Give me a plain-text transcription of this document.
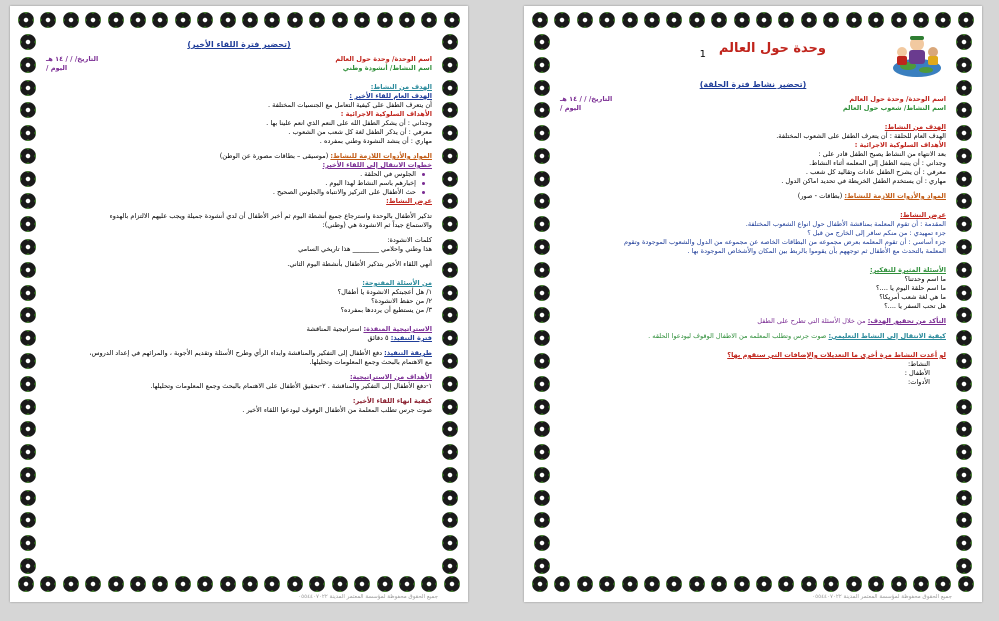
(تحضير فترة اللقاء الأخير)

اسم الوحدة/ وحدة حول العالم

التاريخ/ / / ١٤ هـ

اسم النشاط/ أنشودة وطني

اليوم /

الهدف من النشاط:

الهدف العام للقاء الأخير :

أن يتعرف الطفل على كيفية التعامل مع الجنسيات المختلفة .

الأهداف السلوكية الاجرائية :

وجداني : أن يشكر الطفل الله على النعم الذي انعم علينا بها .

معرفي : أن يذكر الطفل لغة كل شعب من الشعوب .

مهاري : أن ينشد النشودة وطني بمفرده .

المواد والأدوات اللازمة للنشاط: (موسيقى – بطاقات مصورة عن الوطن)

خطوات الانتقال إلى اللقاء الأخير:

الجلوس في الحلقة .
إخبارهم باسم النشاط لهذا اليوم .
حث الأطفال على التركيز والانتباه والجلوس الصحيح .

عرض النشاط:

تذكير الأطفال بالوحدة واسترجاع جميع أنشطة اليوم ثم أخبر الأطفال أن لدي أنشودة جميلة ويجب عليهم الالتزام بالهدوء

والاستماع جيداً ثم الانشودة هي (وطني):

كلمات الانشودة:

هذا وطني واحلامي ________ هذا تاريخي السامي

أنهي اللقاء الأخير بتذكير الأطفال بأنشطة اليوم الثاني.

من الأسئلة المفتوحة:

١/ هل أعجبتكم الانشودة يا أطفال؟

٢/ من حفظ الانشودة؟

٣/ من يستطيع أن يرددها بمفرده؟

الاستراتيجية المنفذة: استراتيجية المناقشة

فترة التنفيذ: ٥ دقائق

طريقة التنفيذ: دفع الأطفال إلى التفكير والمناقشة وابداء الرأي وطرح الأسئلة وتقديم الأجوبة ، والمرائهم في إعداد الدروس،

مع الاهتمام بالبحث وجمع المعلومات وتحليلها.

الأهداف من الاستراتيجية:

١-دفع الأطفال إلى التفكير والمناقشة . ٢-تحقيق الأطفال على الاهتمام بالبحث وجمع المعلومات وتحليلها.

كيفية انهاء اللقاء الأخير:

صوت جرس تطلب المعلمة من الأطفال الوقوف ليودعوا اللقاء الأخير .

جميع الحقوق محفوظة لمؤسسة المعتمر المدينة ٠٥٥٤٤٠٧٠٢٢
وحدة حول العالم
1

(تحضير نشاط فترة الحلقة)

اسم الوحدة/ وحدة حول العالم

التاريخ/ / / ١٤ هـ

اسم النشاط/ شعوب حول العالم

اليوم /

الهدف من النشاط:

الهدف العام للحلقة : أن يتعرف الطفل على الشعوب المختلفة.

الأهداف السلوكية الاجرائية :

بعد الانتهاء من النشاط يصبح الطفل قادر على :

وجداني : أن ينتبه الطفل إلى المعلمه أثناء النشاط.

معرفي : أن يشرح الطفل عادات وتقاليد كل شعب .

مهاري : أن يستخدم الطفل الخريطة في تحديد اماكن الدول .

المواد والأدوات اللازمة للنشاط: (بطاقات - صور)

عرض النشاط:

المقدمة : أن تقوم المعلمة بمناقشة الأطفال حول انواع الشعوب المختلفة.

جزء تمهيدي : من منكم سافر إلى الخارج من قبل ؟

جزء أساسي : أن تقوم المعلمه بعرض مجموعه من البطاقات الخاصه عن مجموعه من الدول والشعوب الموجودة وتقوم

المعلمة بالتحدث مع الأطفال ثم توجههم بأن يقوموا بالربط بين المكان والأشخاص الموجودة بها .

الأسئلة المثيرة للتفكير:

ما اسم وحدتنا؟

ما اسم حلقة اليوم يا ....؟

ما هي لغة شعب أمريكا؟

هل تحب السفر يا ....؟

التأكد من تحقيق الهدف: من خلال الأسئلة التي تطرح على الطفل

كيفية الانتقال إلى النشاط التعليمي: صوت جرس وتطلب المعلمه من الاطفال الوقوف ليودعوا الحلقه .

لو أعدت النشاط مرة أخرى ما التعديلات والإضافات التي ستقوم بها؟

النشاط:

الأطفال :

الأدوات:

جميع الحقوق محفوظة لمؤسسة المعتمر المدينة ٠٥٥٤٤٠٧٠٢٢
